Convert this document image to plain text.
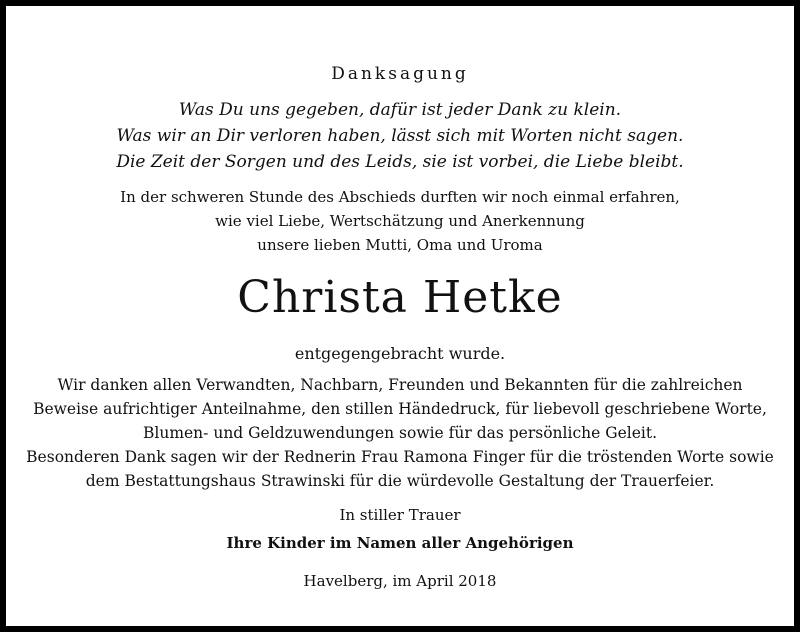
Danksagung
Was Du uns gegeben, dafür ist jeder Dank zu klein.
Was wir an Dir verloren haben, lässt sich mit Worten nicht sagen.
Die Zeit der Sorgen und des Leids, sie ist vorbei, die Liebe bleibt.
In der schweren Stunde des Abschieds durften wir noch einmal erfahren,
wie viel Liebe, Wertschätzung und Anerkennung
unsere lieben Mutti, Oma und Uroma
Christa Hetke
entgegengebracht wurde.
Wir danken allen Verwandten, Nachbarn, Freunden und Bekannten für die zahlreichen
Beweise aufrichtiger Anteilnahme, den stillen Händedruck, für liebevoll geschriebene Worte,
Blumen- und Geldzuwendungen sowie für das persönliche Geleit.
Besonderen Dank sagen wir der Rednerin Frau Ramona Finger für die tröstenden Worte sowie
dem Bestattungshaus Strawinski für die würdevolle Gestaltung der Trauerfeier.
In stiller Trauer
Ihre Kinder im Namen aller Angehörigen
Havelberg, im April 2018
